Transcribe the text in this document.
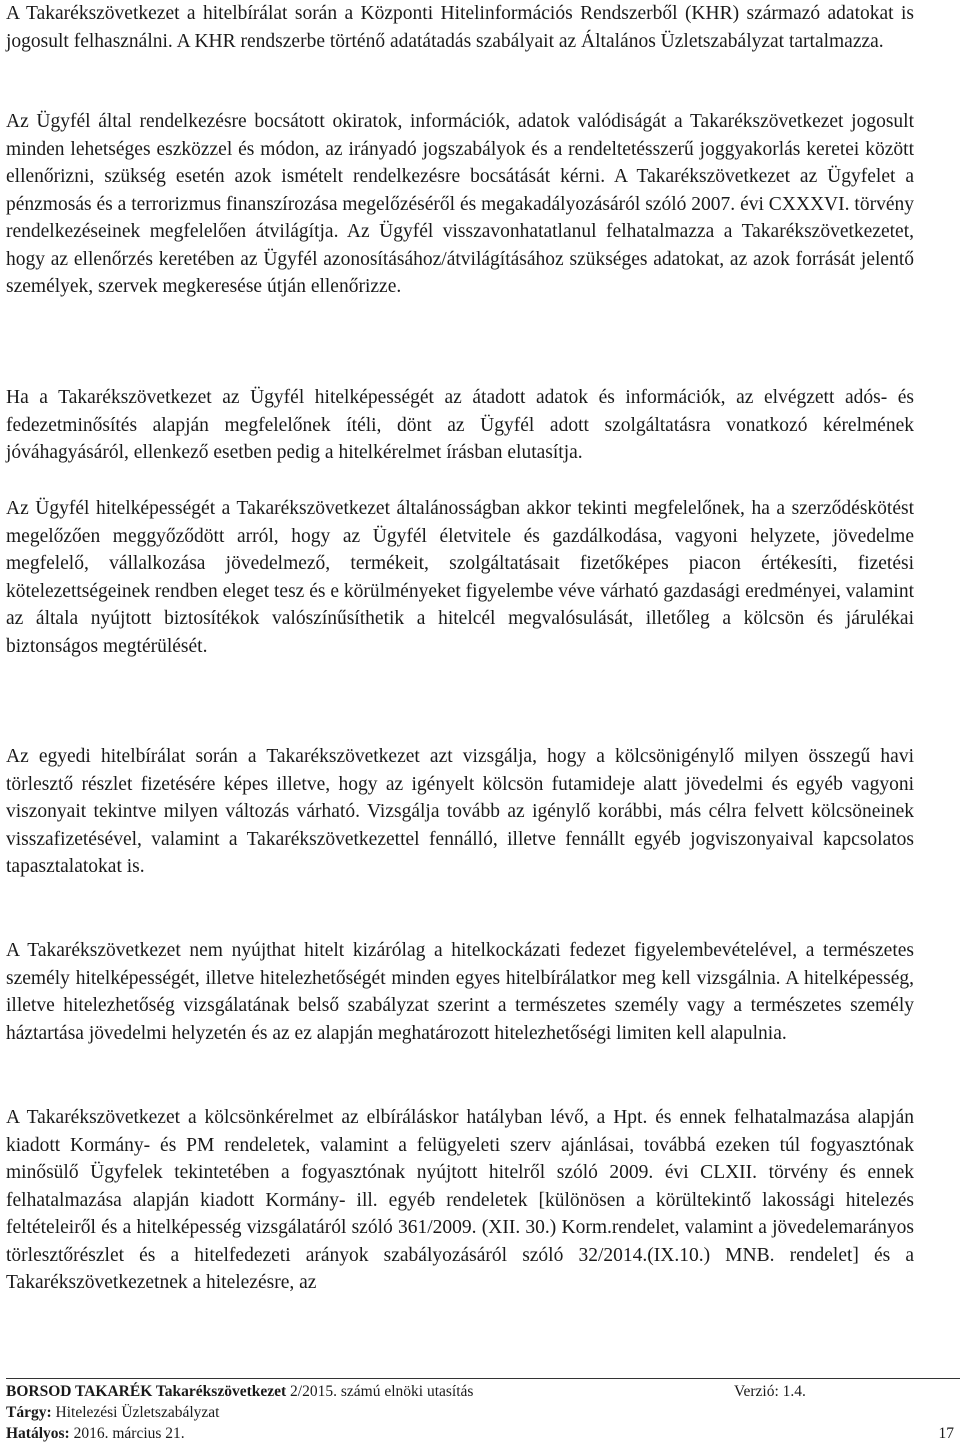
A Takarékszövetkezet a hitelbírálat során a Központi Hitelinformációs Rendszerből (KHR) származó adatokat is jogosult felhasználni. A KHR rendszerbe történő adatátadás szabályait az Általános Üzletszabályzat tartalmazza.

Az Ügyfél által rendelkezésre bocsátott okiratok, információk, adatok valódiságát a Takarékszövetkezet jogosult minden lehetséges eszközzel és módon, az irányadó jogszabályok és a rendeltetésszerű joggyakorlás keretei között ellenőrizni, szükség esetén azok ismételt rendelkezésre bocsátását kérni. A Takarékszövetkezet az Ügyfelet a pénzmosás és a terrorizmus finanszírozása megelőzéséről és megakadályozásáról szóló 2007. évi CXXXVI. törvény rendelkezéseinek megfelelően átvilágítja. Az Ügyfél visszavonhatatlanul felhatalmazza a Takarékszövetkezetet, hogy az ellenőrzés keretében az Ügyfél azonosításához/átvilágításához szükséges adatokat, az azok forrását jelentő személyek, szervek megkeresése útján ellenőrizze.

Ha a Takarékszövetkezet az Ügyfél hitelképességét az átadott adatok és információk, az elvégzett adós- és fedezetminősítés alapján megfelelőnek ítéli, dönt az Ügyfél adott szolgáltatásra vonatkozó kérelmének jóváhagyásáról, ellenkező esetben pedig a hitelkérelmet írásban elutasítja.

Az Ügyfél hitelképességét a Takarékszövetkezet általánosságban akkor tekinti megfelelőnek, ha a szerződéskötést megelőzően meggyőződött arról, hogy az Ügyfél életvitele és gazdálkodása, vagyoni helyzete, jövedelme megfelelő, vállalkozása jövedelmező, termékeit, szolgáltatásait fizetőképes piacon értékesíti, fizetési kötelezettségeinek rendben eleget tesz és e körülményeket figyelembe véve várható gazdasági eredményei, valamint az általa nyújtott biztosítékok valószínűsíthetik a hitelcél megvalósulását, illetőleg a kölcsön és járulékai biztonságos megtérülését.

Az egyedi hitelbírálat során a Takarékszövetkezet azt vizsgálja, hogy a kölcsönigénylő milyen összegű havi törlesztő részlet fizetésére képes illetve, hogy az igényelt kölcsön futamideje alatt jövedelmi és egyéb vagyoni viszonyait tekintve milyen változás várható. Vizsgálja tovább az igénylő korábbi, más célra felvett kölcsöneinek visszafizetésével, valamint a Takarékszövetkezettel fennálló, illetve fennállt egyéb jogviszonyaival kapcsolatos tapasztalatokat is.

A Takarékszövetkezet nem nyújthat hitelt kizárólag a hitelkockázati fedezet figyelembevételével, a természetes személy hitelképességét, illetve hitelezhetőségét minden egyes hitelbírálatkor meg kell vizsgálnia. A hitelképesség, illetve hitelezhetőség vizsgálatának belső szabályzat szerint a természetes személy vagy a természetes személy háztartása jövedelmi helyzetén és az ez alapján meghatározott hitelezhetőségi limiten kell alapulnia.

A Takarékszövetkezet a kölcsönkérelmet az elbíráláskor hatályban lévő, a Hpt. és ennek felhatalmazása alapján kiadott Kormány- és PM rendeletek, valamint a felügyeleti szerv ajánlásai, továbbá ezeken túl fogyasztónak minősülő Ügyfelek tekintetében a fogyasztónak nyújtott hitelről szóló 2009. évi CLXII. törvény és ennek felhatalmazása alapján kiadott Kormány- ill. egyéb rendeletek [különösen a körültekintő lakossági hitelezés feltételeiről és a hitelképesség vizsgálatáról szóló 361/2009. (XII. 30.) Korm.rendelet, valamint a jövedelemarányos törlesztőrészlet és a hitelfedezeti arányok szabályozásáról szóló 32/2014.(IX.10.) MNB. rendelet] és a Takarékszövetkezetnek a hitelezésre, az

BORSOD TAKARÉK Takarékszövetkezet 2/2015. számú elnöki utasítás	Verzió: 1.4.
Tárgy: Hitelezési Üzletszabályzat
Hatályos: 2016. március 21.	17
